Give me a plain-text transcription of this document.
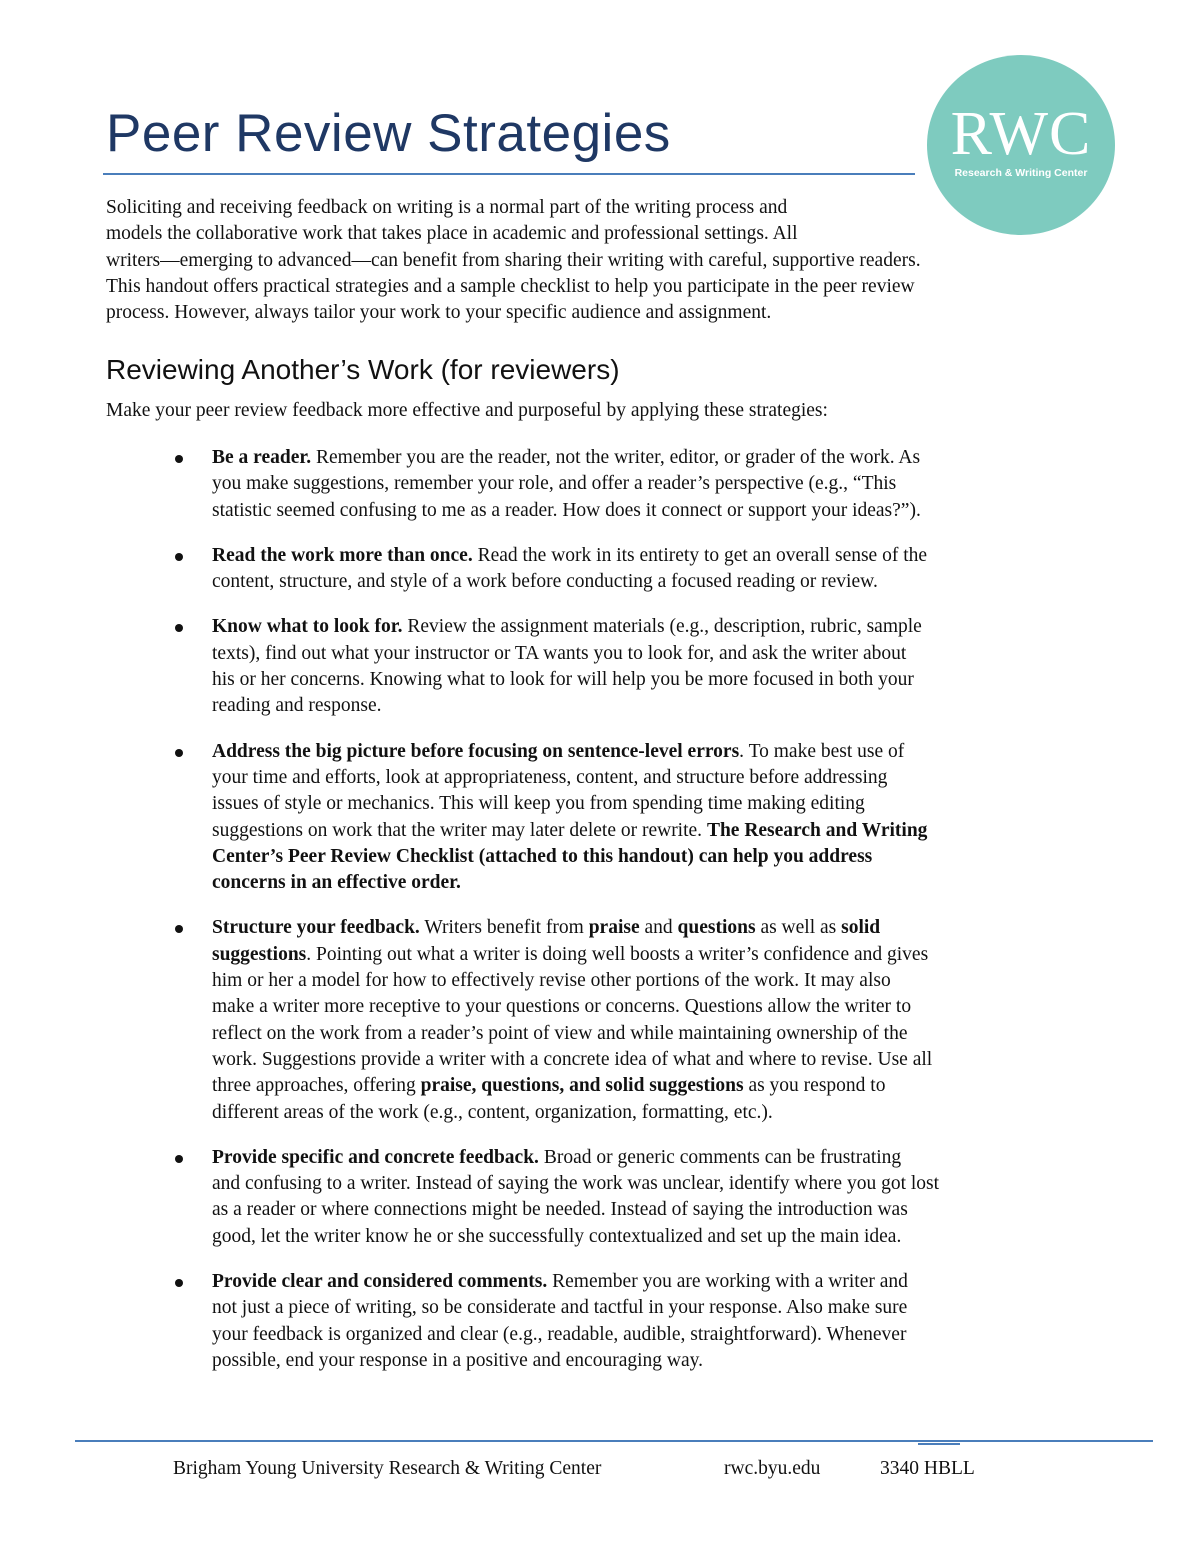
Peer Review Strategies	RWC
Research & Writing Center

Soliciting and receiving feedback on writing is a normal part of the writing process and
models the collaborative work that takes place in academic and professional settings. All
writers—emerging to advanced—can benefit from sharing their writing with careful, supportive readers.
This handout offers practical strategies and a sample checklist to help you participate in the peer review
process. However, always tailor your work to your specific audience and assignment.

Reviewing Another’s Work (for reviewers)

Make your peer review feedback more effective and purposeful by applying these strategies:

Be a reader. Remember you are the reader, not the writer, editor, or grader of the work. As
you make suggestions, remember your role, and offer a reader’s perspective (e.g., “This
statistic seemed confusing to me as a reader. How does it connect or support your ideas?”).
Read the work more than once. Read the work in its entirety to get an overall sense of the
content, structure, and style of a work before conducting a focused reading or review.
Know what to look for. Review the assignment materials (e.g., description, rubric, sample
texts), find out what your instructor or TA wants you to look for, and ask the writer about
his or her concerns. Knowing what to look for will help you be more focused in both your
reading and response.
Address the big picture before focusing on sentence-level errors. To make best use of
your time and efforts, look at appropriateness, content, and structure before addressing
issues of style or mechanics. This will keep you from spending time making editing
suggestions on work that the writer may later delete or rewrite. The Research and Writing
Center’s Peer Review Checklist (attached to this handout) can help you address
concerns in an effective order.
Structure your feedback. Writers benefit from praise and questions as well as solid
suggestions. Pointing out what a writer is doing well boosts a writer’s confidence and gives
him or her a model for how to effectively revise other portions of the work. It may also
make a writer more receptive to your questions or concerns. Questions allow the writer to
reflect on the work from a reader’s point of view and while maintaining ownership of the
work. Suggestions provide a writer with a concrete idea of what and where to revise. Use all
three approaches, offering praise, questions, and solid suggestions as you respond to
different areas of the work (e.g., content, organization, formatting, etc.).
Provide specific and concrete feedback. Broad or generic comments can be frustrating
and confusing to a writer. Instead of saying the work was unclear, identify where you got lost
as a reader or where connections might be needed. Instead of saying the introduction was
good, let the writer know he or she successfully contextualized and set up the main idea.
Provide clear and considered comments. Remember you are working with a writer and
not just a piece of writing, so be considerate and tactful in your response. Also make sure
your feedback is organized and clear (e.g., readable, audible, straightforward). Whenever
possible, end your response in a positive and encouraging way.
Brigham Young University Research & Writing Center	rwc.byu.edu	3340 HBLL
